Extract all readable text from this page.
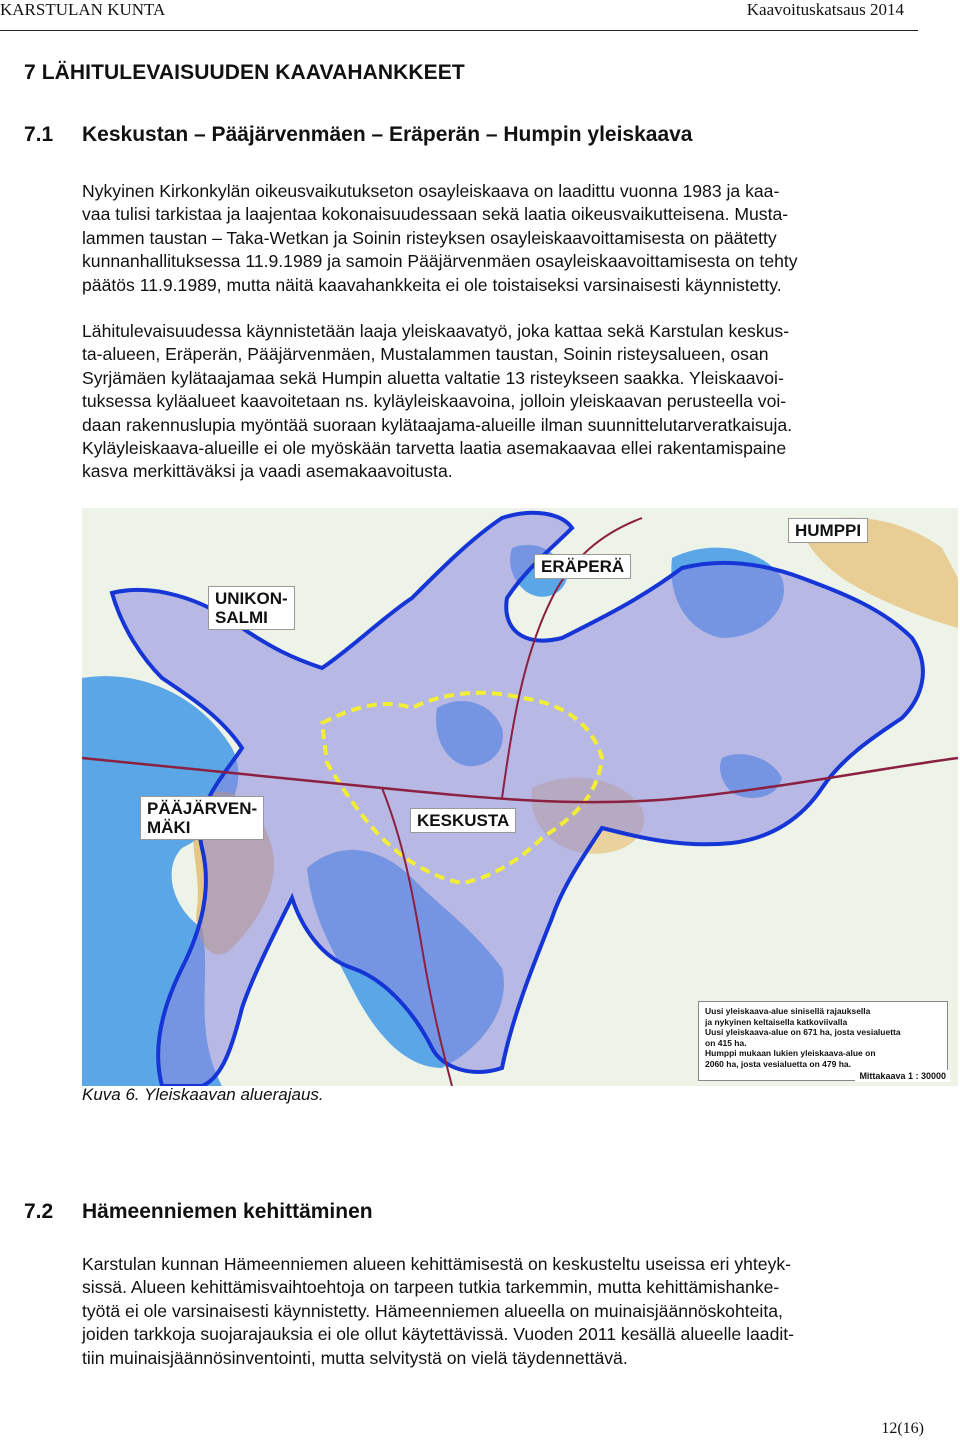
KARSTULAN KUNTA	Kaavoituskatsaus 2014
7 LÄHITULEVAISUUDEN KAAVAHANKKEET
7.1 Keskustan – Pääjärvenmäen – Eräperän – Humpin yleiskaava
Nykyinen Kirkonkylän oikeusvaikutukseton osayleiskaava on laadittu vuonna 1983 ja kaa-
vaa tulisi tarkistaa ja laajentaa kokonaisuudessaan sekä laatia oikeusvaikutteisena. Musta-
lammen taustan – Taka-Wetkan ja Soinin risteyksen osayleiskaavoittamisesta on päätetty
kunnanhallituksessa 11.9.1989 ja samoin Pääjärvenmäen osayleiskaavoittamisesta on tehty
päätös 11.9.1989, mutta näitä kaavahankkeita ei ole toistaiseksi varsinaisesti käynnistetty.
Lähitulevaisuudessa käynnistetään laaja yleiskaavatyö, joka kattaa sekä Karstulan keskus-
ta-alueen, Eräperän, Pääjärvenmäen, Mustalammen taustan, Soinin risteysalueen, osan
Syrjämäen kylätaajamaa sekä Humpin aluetta valtatie 13 risteykseen saakka. Yleiskaavoi-
tuksessa kyläalueet kaavoitetaan ns. kyläyleiskaavoina, jolloin yleiskaavan perusteella voi-
daan rakennuslupia myöntää suoraan kylätaajama-alueille ilman suunnittelutarveratkaisuja.
Kyläyleiskaava-alueille ei ole myöskään tarvetta laatia asemakaavaa ellei rakentamispaine
kasva merkittäväksi ja vaadi asemakaavoitusta.
UNIKON-
SALMI
ERÄPERÄ
HUMPPI
PÄÄJÄRVEN-
MÄKI	KESKUSTA
Uusi yleiskaava-alue sinisellä rajauksella
ja nykyinen keltaisella katkoviivalla
Uusi yleiskaava-alue on 671 ha, josta vesialuetta
on 415 ha.
Humppi mukaan lukien yleiskaava-alue on
2060 ha, josta vesialuetta on 479 ha.
Mittakaava 1 : 30000
Kuva 6. Yleiskaavan aluerajaus.
7.2 Hämeenniemen kehittäminen
Karstulan kunnan Hämeenniemen alueen kehittämisestä on keskusteltu useissa eri yhteyk-
sissä. Alueen kehittämisvaihtoehtoja on tarpeen tutkia tarkemmin, mutta kehittämishanke-
työtä ei ole varsinaisesti käynnistetty. Hämeenniemen alueella on muinaisjäännöskohteita,
joiden tarkkoja suojarajauksia ei ole ollut käytettävissä. Vuoden 2011 kesällä alueelle laadit-
tiin muinaisjäännösinventointi, mutta selvitystä on vielä täydennettävä.
12(16)
